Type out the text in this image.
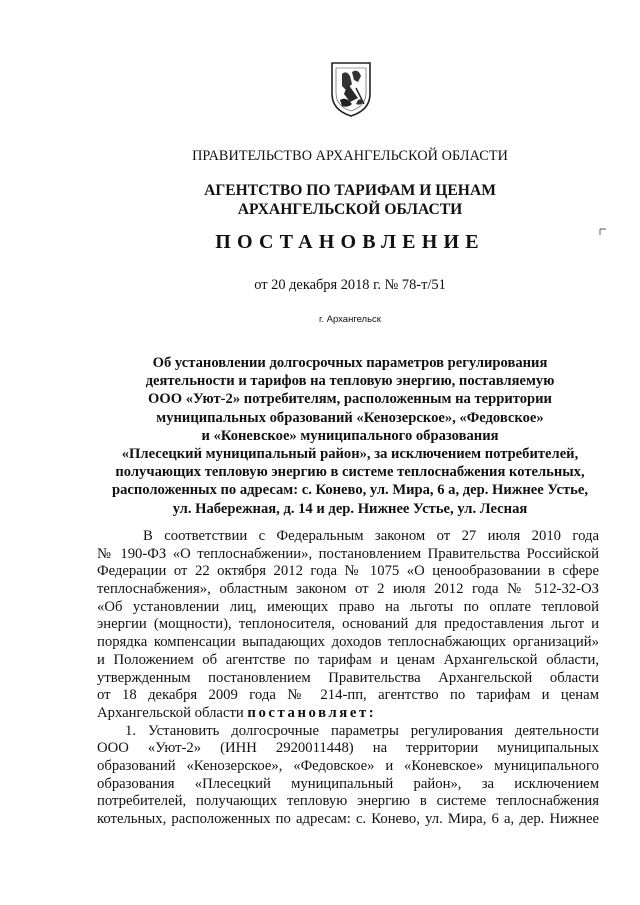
ПРАВИТЕЛЬСТВО АРХАНГЕЛЬСКОЙ ОБЛАСТИ
АГЕНТСТВО ПО ТАРИФАМ И ЦЕНАМ
АРХАНГЕЛЬСКОЙ ОБЛАСТИ
ПОСТАНОВЛЕНИЕ
от 20 декабря 2018 г. № 78-т/51
г. Архангельск
Об установлении долгосрочных параметров регулирования
деятельности и тарифов на тепловую энергию, поставляемую
ООО «Уют-2» потребителям, расположенным на территории
муниципальных образований «Кенозерское», «Федовское»
и «Коневское» муниципального образования
«Плесецкий муниципальный район», за исключением потребителей,
получающих тепловую энергию в системе теплоснабжения котельных,
расположенных по адресам: с. Конево, ул. Мира, 6 а, дер. Нижнее Устье,
ул. Набережная, д. 14 и дер. Нижнее Устье, ул. Лесная
В соответствии с Федеральным законом от 27 июля 2010 года
№ 190-ФЗ «О теплоснабжении», постановлением Правительства Российской
Федерации от 22 октября 2012 года № 1075 «О ценообразовании в сфере
теплоснабжения», областным законом от 2 июля 2012 года № 512-32-ОЗ
«Об установлении лиц, имеющих право на льготы по оплате тепловой
энергии (мощности), теплоносителя, оснований для предоставления льгот и
порядка компенсации выпадающих доходов теплоснабжающих организаций»
и Положением об агентстве по тарифам и ценам Архангельской области,
утвержденным постановлением Правительства Архангельской области
от 18 декабря 2009 года № 214-пп, агентство по тарифам и ценам
Архангельской области постановляет:
1. Установить долгосрочные параметры регулирования деятельности
ООО «Уют-2» (ИНН 2920011448) на территории муниципальных
образований «Кенозерское», «Федовское» и «Коневское» муниципального
образования «Плесецкий муниципальный район», за исключением
потребителей, получающих тепловую энергию в системе теплоснабжения
котельных, расположенных по адресам: с. Конево, ул. Мира, 6 а, дер. Нижнее
